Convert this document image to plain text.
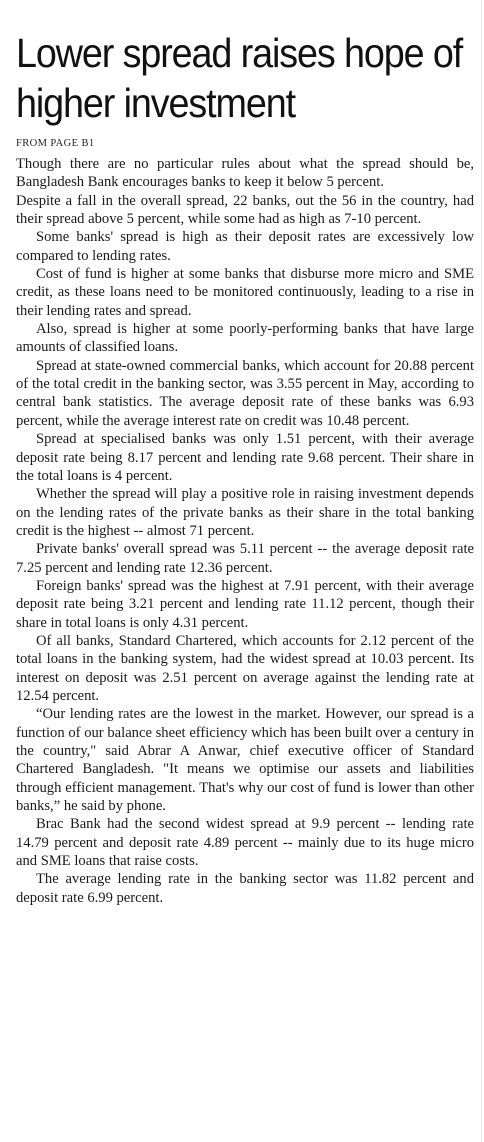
Lower spread raises hope of higher investment
FROM PAGE B1

Though there are no particular rules about what the spread should be, Bangladesh Bank encourages banks to keep it below 5 percent.

Despite a fall in the overall spread, 22 banks, out the 56 in the country, had their spread above 5 percent, while some had as high as 7-10 percent.

Some banks' spread is high as their deposit rates are excessively low compared to lending rates.

Cost of fund is higher at some banks that disburse more micro and SME credit, as these loans need to be monitored continuously, leading to a rise in their lending rates and spread.

Also, spread is higher at some poorly-performing banks that have large amounts of classified loans.

Spread at state-owned commercial banks, which account for 20.88 percent of the total credit in the banking sector, was 3.55 percent in May, according to central bank statistics. The average deposit rate of these banks was 6.93 percent, while the average interest rate on credit was 10.48 percent.

Spread at specialised banks was only 1.51 percent, with their average deposit rate being 8.17 percent and lending rate 9.68 percent. Their share in the total loans is 4 percent.

Whether the spread will play a positive role in raising investment depends on the lending rates of the private banks as their share in the total banking credit is the highest -- almost 71 percent.

Private banks' overall spread was 5.11 percent -- the average deposit rate 7.25 percent and lending rate 12.36 percent.

Foreign banks' spread was the highest at 7.91 percent, with their average deposit rate being 3.21 percent and lending rate 11.12 percent, though their share in total loans is only 4.31 percent.

Of all banks, Standard Chartered, which accounts for 2.12 percent of the total loans in the banking system, had the widest spread at 10.03 percent. Its interest on deposit was 2.51 percent on average against the lending rate at 12.54 percent.

“Our lending rates are the lowest in the market. However, our spread is a function of our balance sheet efficiency which has been built over a century in the country," said Abrar A Anwar, chief executive officer of Standard Chartered Bangladesh. "It means we optimise our assets and liabilities through efficient management. That's why our cost of fund is lower than other banks,” he said by phone.

Brac Bank had the second widest spread at 9.9 percent -- lending rate 14.79 percent and deposit rate 4.89 percent -- mainly due to its huge micro and SME loans that raise costs.

The average lending rate in the banking sector was 11.82 percent and deposit rate 6.99 percent.
